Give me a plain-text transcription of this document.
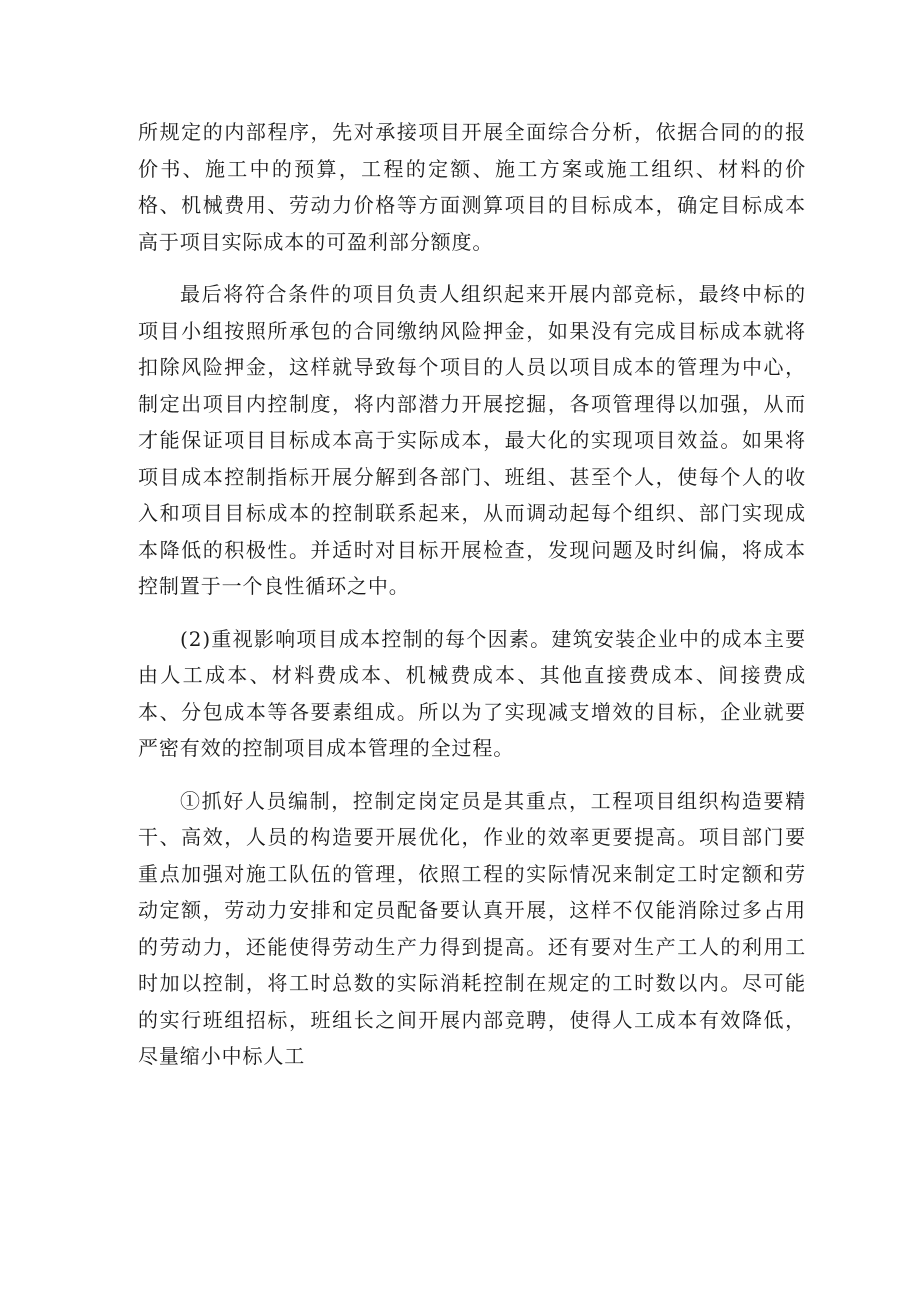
所规定的内部程序，先对承接项目开展全面综合分析，依据合同的的报价书、施工中的预算，工程的定额、施工方案或施工组织、材料的价格、机械费用、劳动力价格等方面测算项目的目标成本，确定目标成本高于项目实际成本的可盈利部分额度。

最后将符合条件的项目负责人组织起来开展内部竞标，最终中标的项目小组按照所承包的合同缴纳风险押金，如果没有完成目标成本就将扣除风险押金，这样就导致每个项目的人员以项目成本的管理为中心，制定出项目内控制度，将内部潜力开展挖掘，各项管理得以加强，从而才能保证项目目标成本高于实际成本，最大化的实现项目效益。如果将项目成本控制指标开展分解到各部门、班组、甚至个人，使每个人的收入和项目目标成本的控制联系起来，从而调动起每个组织、部门实现成本降低的积极性。并适时对目标开展检查，发现问题及时纠偏，将成本控制置于一个良性循环之中。

(2)重视影响项目成本控制的每个因素。建筑安装企业中的成本主要由人工成本、材料费成本、机械费成本、其他直接费成本、间接费成本、分包成本等各要素组成。所以为了实现减支增效的目标，企业就要严密有效的控制项目成本管理的全过程。

①抓好人员编制，控制定岗定员是其重点，工程项目组织构造要精干、高效，人员的构造要开展优化，作业的效率更要提高。项目部门要重点加强对施工队伍的管理，依照工程的实际情况来制定工时定额和劳动定额，劳动力安排和定员配备要认真开展，这样不仅能消除过多占用的劳动力，还能使得劳动生产力得到提高。还有要对生产工人的利用工时加以控制，将工时总数的实际消耗控制在规定的工时数以内。尽可能的实行班组招标，班组长之间开展内部竞聘，使得人工成本有效降低，尽量缩小中标人工
